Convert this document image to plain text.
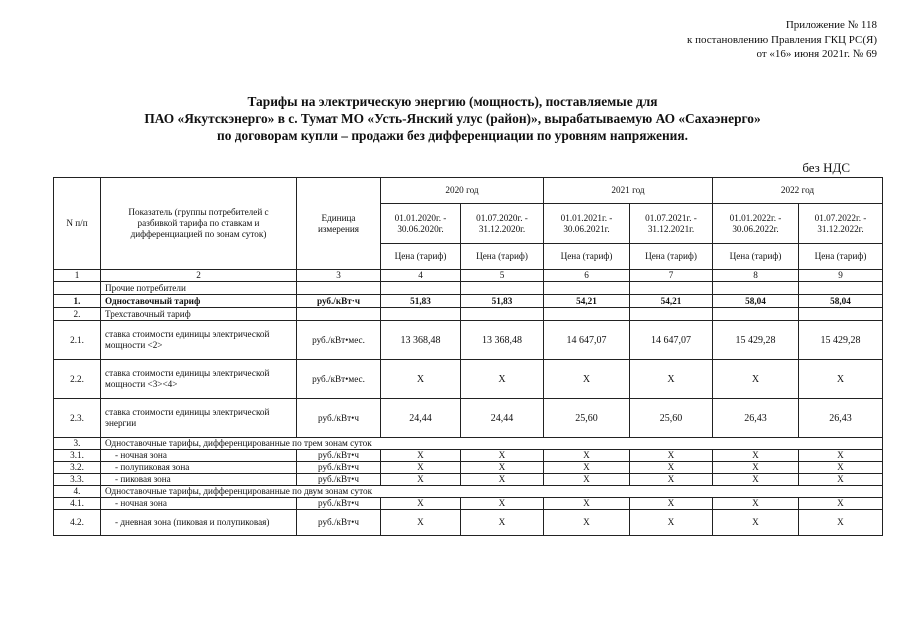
Приложение № 118
к постановлению Правления ГКЦ РС(Я)
от «16» июня 2021г. № 69
Тарифы на электрическую энергию (мощность), поставляемые для
ПАО «Якутскэнерго» в с. Тумат МО «Усть-Янский улус (район)», вырабатываемую АО «Сахаэнерго»
по договорам купли – продажи без дифференциации по уровням напряжения.
без НДС
N п/п	Показатель (группы потребителей с разбивкой тарифа по ставкам и дифференциацией по зонам суток)	Единица измерения	2020 год		2021 год		2022 год	
			01.01.2020г. - 30.06.2020г.	01.07.2020г. - 31.12.2020г.	01.01.2021г. - 30.06.2021г.	01.07.2021г. - 31.12.2021г.	01.01.2022г. - 30.06.2022г.	01.07.2022г. - 31.12.2022г.
			Цена (тариф)	Цена (тариф)	Цена (тариф)	Цена (тариф)	Цена (тариф)	Цена (тариф)
1	2	3	4	5	6	7	8	9
	Прочие потребители							
1.	Одноставочный тариф	руб./кВт·ч	51,83	51,83	54,21	54,21	58,04	58,04
2.	Трехставочный тариф							
2.1.	ставка стоимости единицы электрической мощности <2>	руб./кВт•мес.	13 368,48	13 368,48	14 647,07	14 647,07	15 429,28	15 429,28
2.2.	ставка стоимости единицы электрической мощности <3><4>	руб./кВт•мес.	X	X	X	X	X	X
2.3.	ставка стоимости единицы электрической энергии	руб./кВт•ч	24,44	24,44	25,60	25,60	26,43	26,43
3.	Одноставочные тарифы, дифференцированные по трем зонам суток							
3.1.	- ночная зона	руб./кВт•ч	X	X	X	X	X	X
3.2.	- полупиковая зона	руб./кВт•ч	X	X	X	X	X	X
3.3.	- пиковая зона	руб./кВт•ч	X	X	X	X	X	X
4.	Одноставочные тарифы, дифференцированные по двум зонам суток							
4.1.	- ночная зона	руб./кВт•ч	X	X	X	X	X	X
4.2.	- дневная зона (пиковая и полупиковая)	руб./кВт•ч	X	X	X	X	X	X
